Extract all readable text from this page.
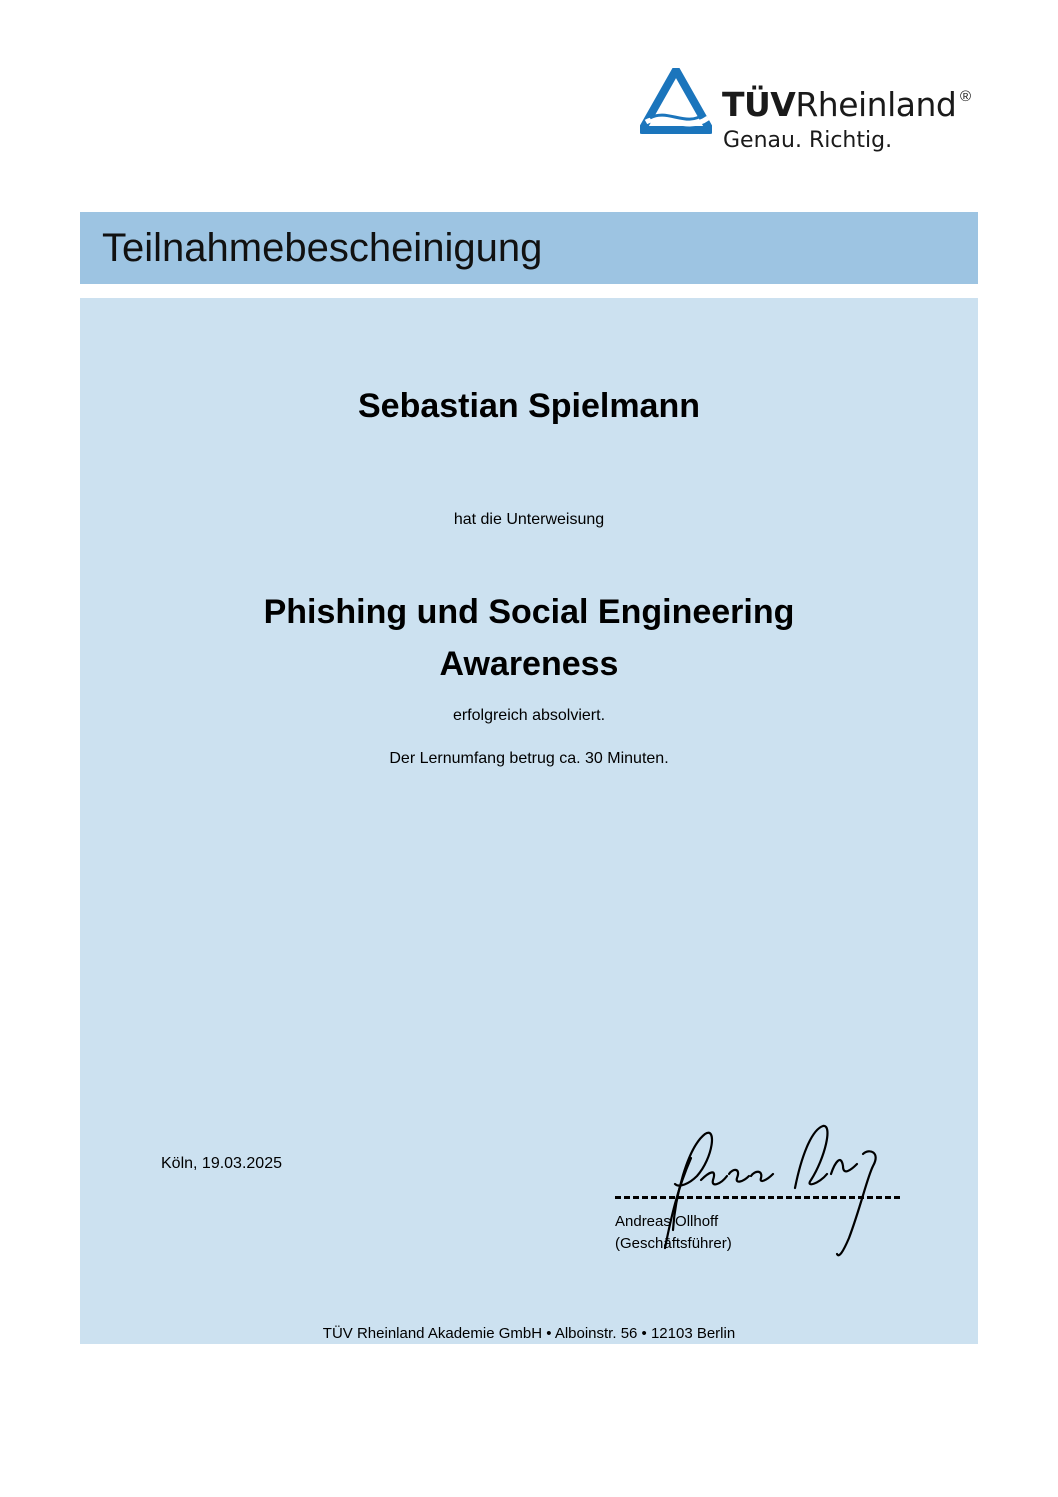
TÜVRheinland ®
Genau. Richtig.
Teilnahmebescheinigung
Sebastian Spielmann
hat die Unterweisung
Phishing und Social Engineering
Awareness
erfolgreich absolviert.
Der Lernumfang betrug ca. 30 Minuten.
Köln, 19.03.2025
Andreas Ollhoff
(Geschäftsführer)
TÜV Rheinland Akademie GmbH • Alboinstr. 56 • 12103 Berlin
